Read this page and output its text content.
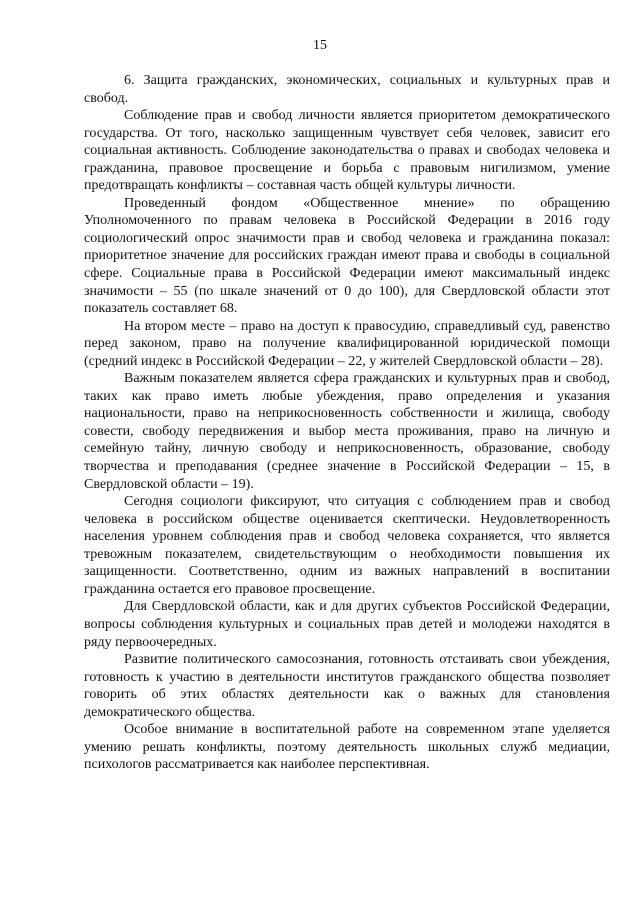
15

6. Защита гражданских, экономических, социальных и культурных прав и свобод.

Соблюдение прав и свобод личности является приоритетом демократического государства. От того, насколько защищенным чувствует себя человек, зависит его социальная активность. Соблюдение законодательства о правах и свободах человека и гражданина, правовое просвещение и борьба с правовым нигилизмом, умение предотвращать конфликты – составная часть общей культуры личности.

Проведенный фондом «Общественное мнение» по обращению Уполномоченного по правам человека в Российской Федерации в 2016 году социологический опрос значимости прав и свобод человека и гражданина показал: приоритетное значение для российских граждан имеют права и свободы в социальной сфере. Социальные права в Российской Федерации имеют максимальный индекс значимости – 55 (по шкале значений от 0 до 100), для Свердловской области этот показатель составляет 68.

На втором месте – право на доступ к правосудию, справедливый суд, равенство перед законом, право на получение квалифицированной юридической помощи (средний индекс в Российской Федерации – 22, у жителей Свердловской области – 28).

Важным показателем является сфера гражданских и культурных прав и свобод, таких как право иметь любые убеждения, право определения и указания национальности, право на неприкосновенность собственности и жилища, свободу совести, свободу передвижения и выбор места проживания, право на личную и семейную тайну, личную свободу и неприкосновенность, образование, свободу творчества и преподавания (среднее значение в Российской Федерации – 15, в Свердловской области – 19).

Сегодня социологи фиксируют, что ситуация с соблюдением прав и свобод человека в российском обществе оценивается скептически. Неудовлетворенность населения уровнем соблюдения прав и свобод человека сохраняется, что является тревожным показателем, свидетельствующим о необходимости повышения их защищенности. Соответственно, одним из важных направлений в воспитании гражданина остается его правовое просвещение.

Для Свердловской области, как и для других субъектов Российской Федерации, вопросы соблюдения культурных и социальных прав детей и молодежи находятся в ряду первоочередных.

Развитие политического самосознания, готовность отстаивать свои убеждения, готовность к участию в деятельности институтов гражданского общества позволяет говорить об этих областях деятельности как о важных для становления демократического общества.

Особое внимание в воспитательной работе на современном этапе уделяется умению решать конфликты, поэтому деятельность школьных служб медиации, психологов рассматривается как наиболее перспективная.
